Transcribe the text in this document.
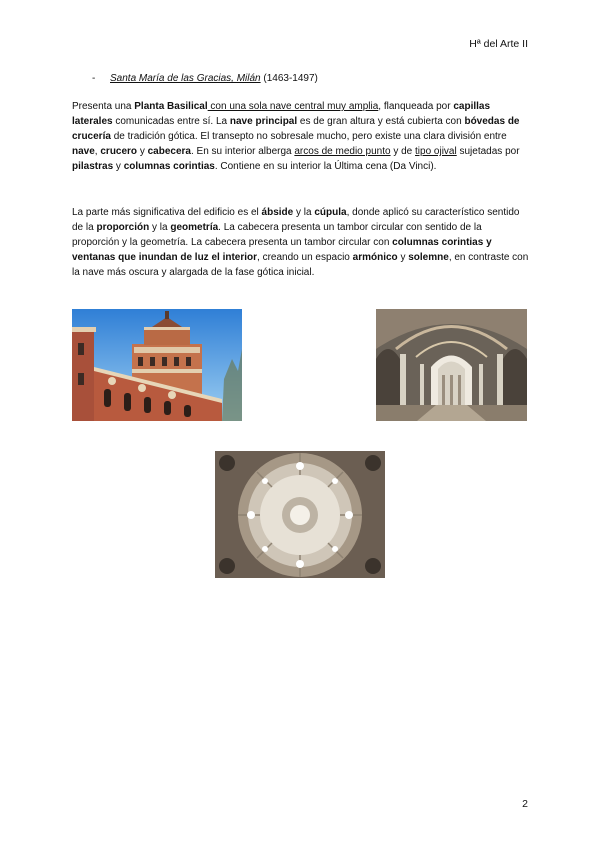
Hª del Arte II
- Santa María de las Gracias, Milán (1463-1497)
Presenta una Planta Basilical con una sola nave central muy amplia, flanqueada por capillas laterales comunicadas entre sí. La nave principal es de gran altura y está cubierta con bóvedas de crucería de tradición gótica. El transepto no sobresale mucho, pero existe una clara división entre nave, crucero y cabecera. En su interior alberga arcos de medio punto y de tipo ojival sujetadas por pilastras y columnas corintias. Contiene en su interior la Última cena (Da Vinci).
La parte más significativa del edificio es el ábside y la cúpula, donde aplicó su característico sentido de la proporción y la geometría. La cabecera presenta un tambor circular con sentido de la proporción y la geometría. La cabecera presenta un tambor circular con columnas corintias y ventanas que inundan de luz el interior, creando un espacio armónico y solemne, en contraste con la nave más oscura y alargada de la fase gótica inicial.
2
